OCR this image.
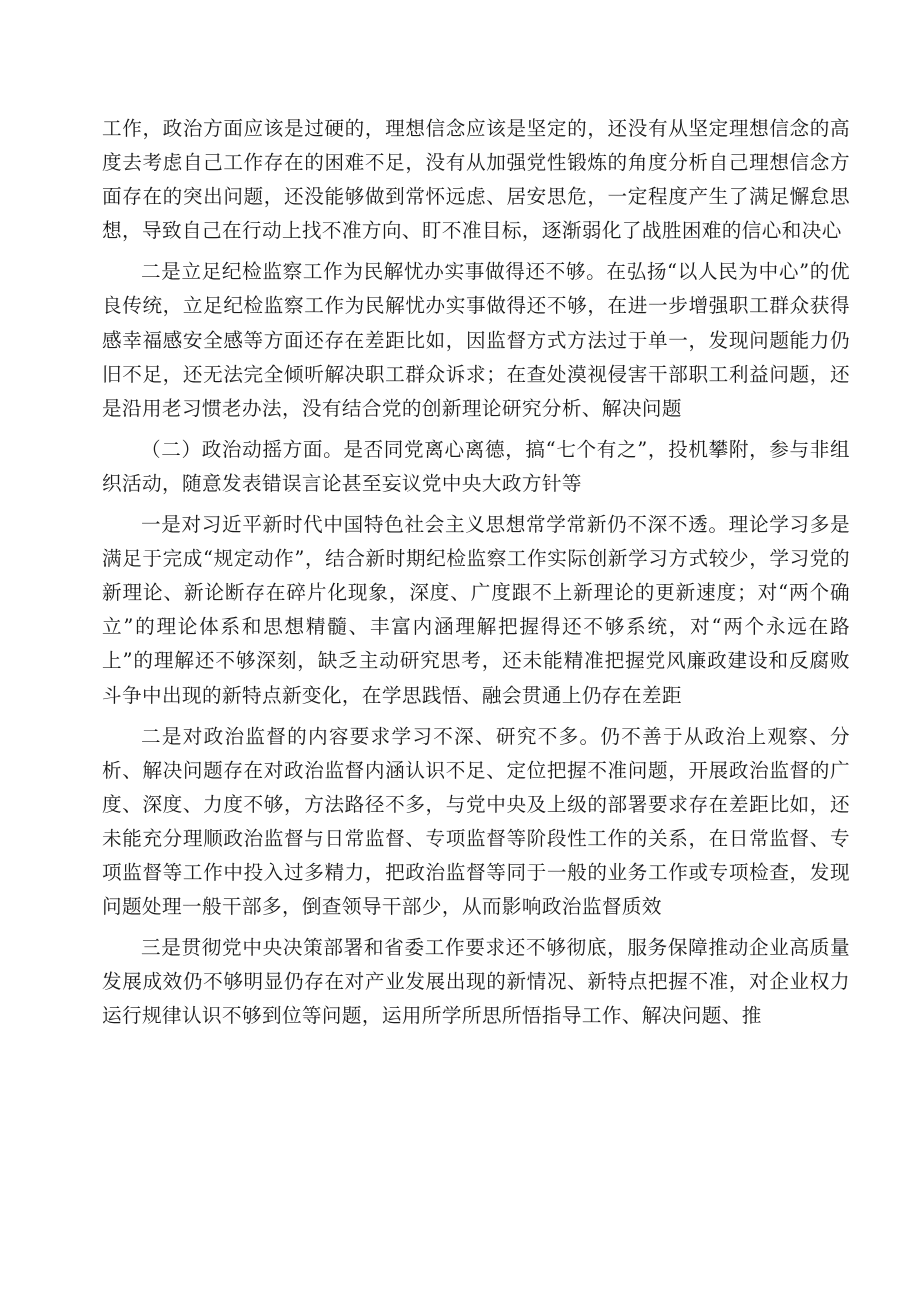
工作，政治方面应该是过硬的，理想信念应该是坚定的，还没有从坚定理想信念的高度去考虑自己工作存在的困难不足，没有从加强党性锻炼的角度分析自己理想信念方面存在的突出问题，还没能够做到常怀远虑、居安思危，一定程度产生了满足懈怠思想，导致自己在行动上找不准方向、盯不准目标，逐渐弱化了战胜困难的信心和决心

二是立足纪检监察工作为民解忧办实事做得还不够。在弘扬“以人民为中心”的优良传统，立足纪检监察工作为民解忧办实事做得还不够，在进一步增强职工群众获得感幸福感安全感等方面还存在差距比如，因监督方式方法过于单一，发现问题能力仍旧不足，还无法完全倾听解决职工群众诉求；在查处漠视侵害干部职工利益问题，还是沿用老习惯老办法，没有结合党的创新理论研究分析、解决问题

（二）政治动摇方面。是否同党离心离德，搞“七个有之”，投机攀附，参与非组织活动，随意发表错误言论甚至妄议党中央大政方针等

一是对习近平新时代中国特色社会主义思想常学常新仍不深不透。理论学习多是满足于完成“规定动作”，结合新时期纪检监察工作实际创新学习方式较少，学习党的新理论、新论断存在碎片化现象，深度、广度跟不上新理论的更新速度；对“两个确立”的理论体系和思想精髓、丰富内涵理解把握得还不够系统，对“两个永远在路上”的理解还不够深刻，缺乏主动研究思考，还未能精准把握党风廉政建设和反腐败斗争中出现的新特点新变化，在学思践悟、融会贯通上仍存在差距

二是对政治监督的内容要求学习不深、研究不多。仍不善于从政治上观察、分析、解决问题存在对政治监督内涵认识不足、定位把握不准问题，开展政治监督的广度、深度、力度不够，方法路径不多，与党中央及上级的部署要求存在差距比如，还未能充分理顺政治监督与日常监督、专项监督等阶段性工作的关系，在日常监督、专项监督等工作中投入过多精力，把政治监督等同于一般的业务工作或专项检查，发现问题处理一般干部多，倒查领导干部少，从而影响政治监督质效

三是贯彻党中央决策部署和省委工作要求还不够彻底，服务保障推动企业高质量发展成效仍不够明显仍存在对产业发展出现的新情况、新特点把握不准，对企业权力运行规律认识不够到位等问题，运用所学所思所悟指导工作、解决问题、推
